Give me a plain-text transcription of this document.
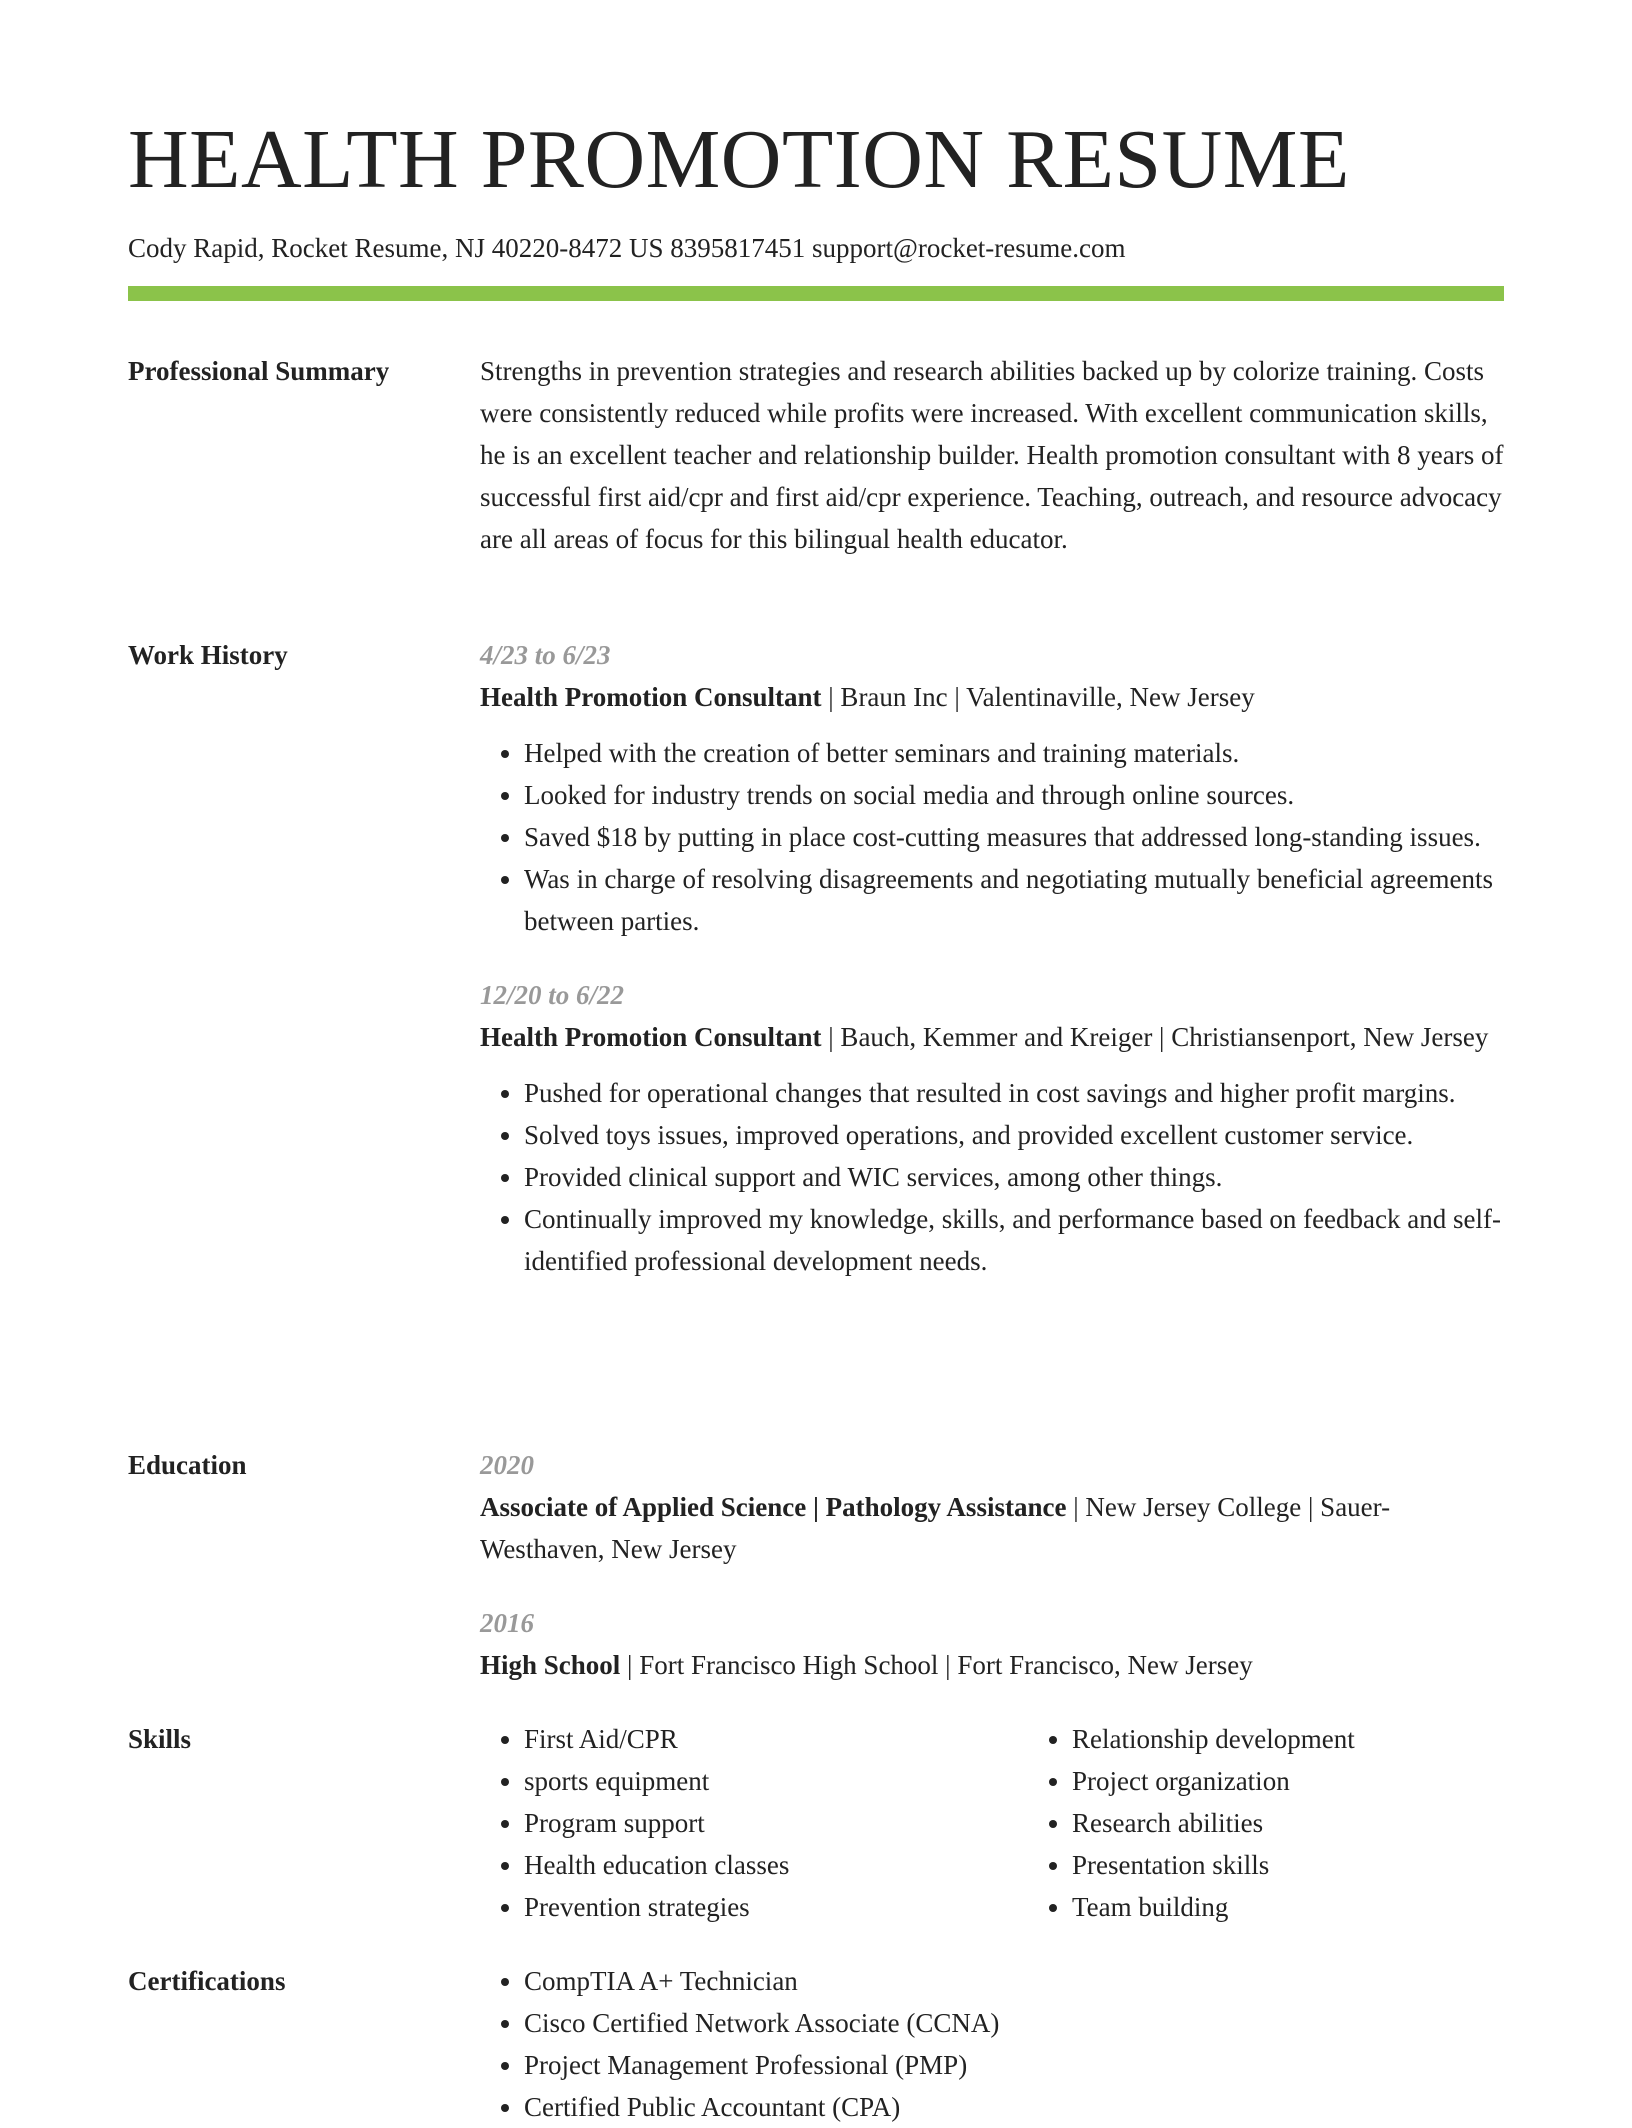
HEALTH PROMOTION RESUME
Cody Rapid, Rocket Resume, NJ 40220-8472 US 8395817451 support@rocket-resume.com
Professional Summary	Strengths in prevention strategies and research abilities backed up by colorize training. Costs were consistently reduced while profits were increased. With excellent communication skills, he is an excellent teacher and relationship builder. Health promotion consultant with 8 years of successful first aid/cpr and first aid/cpr experience. Teaching, outreach, and resource advocacy are all areas of focus for this bilingual health educator.

Work History	4/23 to 6/23

Health Promotion Consultant | Braun Inc | Valentinaville, New Jersey

• Helped with the creation of better seminars and training materials.
• Looked for industry trends on social media and through online sources.
• Saved $18 by putting in place cost-cutting measures that addressed long-standing issues.
• Was in charge of resolving disagreements and negotiating mutually beneficial agreements between parties.
12/20 to 6/22

Health Promotion Consultant | Bauch, Kemmer and Kreiger | Christiansenport, New Jersey

• Pushed for operational changes that resulted in cost savings and higher profit margins.
• Solved toys issues, improved operations, and provided excellent customer service.
• Provided clinical support and WIC services, among other things.
• Continually improved my knowledge, skills, and performance based on feedback and self-identified professional development needs.
Education	2020

Associate of Applied Science | Pathology Assistance | New Jersey College | Sauer-Westhaven, New Jersey

2016

High School | Fort Francisco High School | Fort Francisco, New Jersey

Skills	• First Aid/CPR
• sports equipment
• Program support
• Health education classes
• Prevention strategies
• Relationship development
• Project organization
• Research abilities
• Presentation skills
• Team building
Certifications	• CompTIA A+ Technician
• Cisco Certified Network Associate (CCNA)
• Project Management Professional (PMP)
• Certified Public Accountant (CPA)
